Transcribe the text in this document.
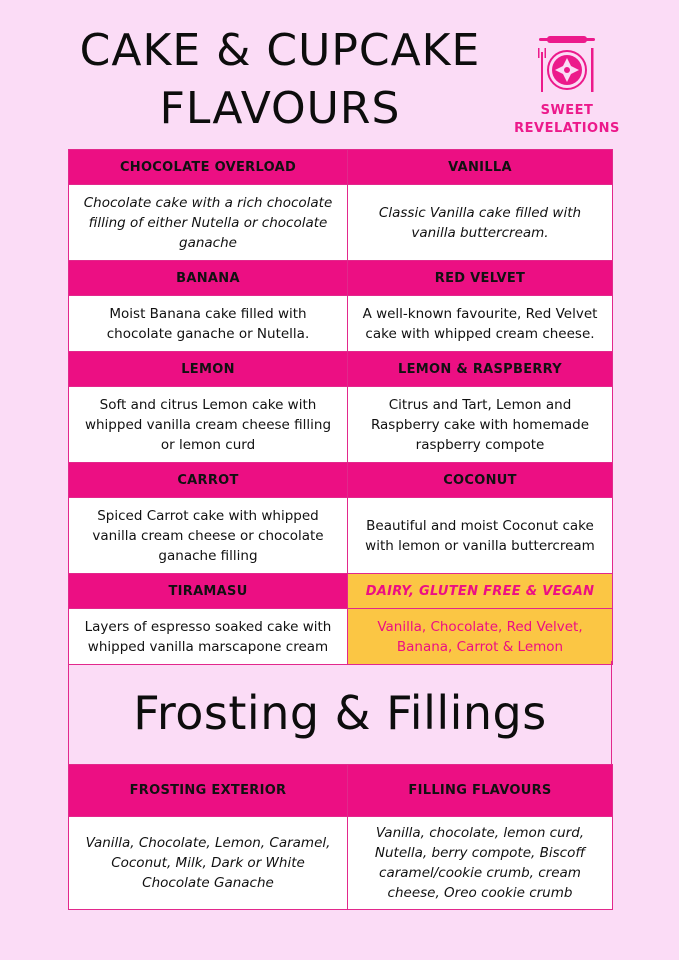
CAKE & CUPCAKE
FLAVOURS	SWEET
REVELATIONS
CHOCOLATE OVERLOAD	VANILLA
Chocolate cake with a rich chocolate filling of either Nutella or chocolate ganache	Classic Vanilla cake filled with vanilla buttercream.
BANANA	RED VELVET
Moist Banana cake filled with chocolate ganache or Nutella.	A well-known favourite, Red Velvet cake with whipped cream cheese.
LEMON	LEMON & RASPBERRY
Soft and citrus Lemon cake with whipped vanilla cream cheese filling or lemon curd	Citrus and Tart, Lemon and Raspberry cake with homemade raspberry compote
CARROT	COCONUT
Spiced Carrot cake with whipped vanilla cream cheese or chocolate ganache filling	Beautiful and moist Coconut cake with lemon or vanilla buttercream
TIRAMASU	DAIRY, GLUTEN FREE & VEGAN
Layers of espresso soaked cake with whipped vanilla marscapone cream	Vanilla, Chocolate, Red Velvet, Banana, Carrot & Lemon
Frosting & Fillings
FROSTING EXTERIOR	FILLING FLAVOURS
Vanilla, Chocolate, Lemon, Caramel, Coconut, Milk, Dark or White Chocolate Ganache	Vanilla, chocolate, lemon curd, Nutella, berry compote, Biscoff caramel/cookie crumb, cream cheese, Oreo cookie crumb
